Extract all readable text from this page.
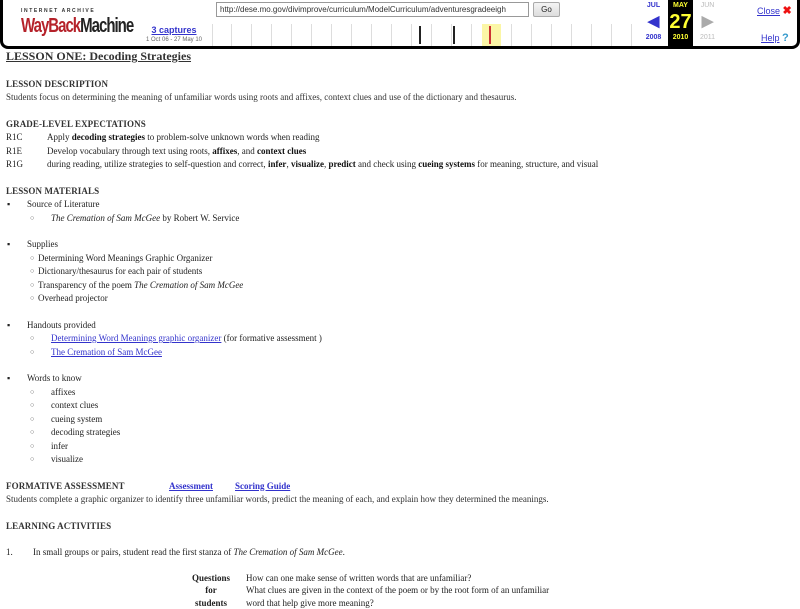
INTERNET ARCHIVE
WayBackMachine
http://dese.mo.gov/divimprove/curriculum/ModelCurriculum/adventuresgradeeigh	Go
3 captures
1 Oct 06 - 27 May 10
JUL
◀
2008
MAY
27
2010
JUN
▶
2011
Close ✖
Help ?
LESSON ONE: Decoding Strategies
LESSON DESCRIPTION
Students focus on determining the meaning of unfamiliar words using roots and affixes, context clues and use of the dictionary and thesaurus.
GRADE-LEVEL EXPECTATIONS
R1C	Apply decoding strategies to problem-solve unknown words when reading
R1E	Develop vocabulary through text using roots, affixes, and context clues
R1G	during reading, utilize strategies to self-question and correct, infer, visualize, predict and check using cueing systems for meaning, structure, and visual
LESSON MATERIALS
▪ Source of Literature
○ The Cremation of Sam McGee by Robert W. Service
▪ Supplies
○ Determining Word Meanings Graphic Organizer
○ Dictionary/thesaurus for each pair of students
○ Transparency of the poem The Cremation of Sam McGee
○ Overhead projector
▪ Handouts provided
○ Determining Word Meanings graphic organizer (for formative assessment )
○ The Cremation of Sam McGee
▪ Words to know
○ affixes
○ context clues
○ cueing system
○ decoding strategies
○ infer
○ visualize
FORMATIVE ASSESSMENT	Assessment Scoring Guide
Students complete a graphic organizer to identify three unfamiliar words, predict the meaning of each, and explain how they determined the meanings.
LEARNING ACTIVITIES
1.	In small groups or pairs, student read the first stanza of The Cremation of Sam McGee.
Questions
for
students
How can one make sense of written words that are unfamiliar?
What clues are given in the context of the poem or by the root form of an unfamiliar
word that help give more meaning?
